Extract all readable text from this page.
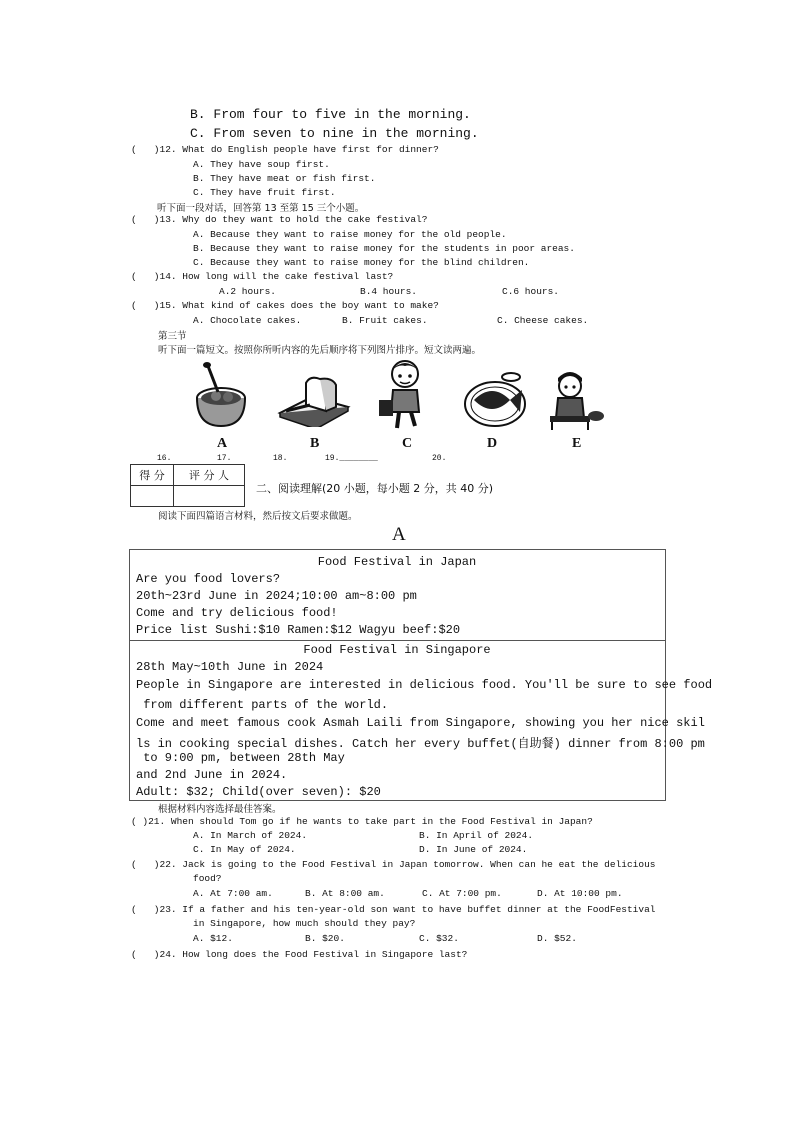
B. From four to five in the morning.
C. From seven to nine in the morning.
(   )12. What do English people have first for dinner?
A. They have soup first.
B. They have meat or fish first.
C. They have fruit first.
听下面一段对话，回答第 13 至第 15 三个小题。
(   )13. Why do they want to hold the cake festival?
A. Because they want to raise money for the old people.
B. Because they want to raise money for the students in poor areas.
C. Because they want to raise money for the blind children.
(   )14. How long will the cake festival last?
A.2 hours.	B.4 hours.	C.6 hours.
(   )15. What kind of cakes does the boy want to make?
A. Chocolate cakes.	B. Fruit cakes.	C. Cheese cakes.
第三节
听下面一篇短文。按照你所听内容的先后顺序将下列图片排序。短文读两遍。
A	B	C	D	E
16.	17.	18.	19.________	20.
得 分	评 分 人

二、阅读理解(20 小题，每小题 2 分，共 40 分)
阅读下面四篇语言材料，然后按文后要求做题。
A
Food Festival in Japan
Are you food lovers?
20th~23rd June in 2024;10:00 am~8:00 pm
Come and try delicious food!
Price list Sushi:$10 Ramen:$12 Wagyu beef:$20
Food Festival in Singapore
28th May~10th June in 2024
People in Singapore are interested in delicious food. You'll be sure to see food
from different parts of the world.
Come and meet famous cook Asmah Laili from Singapore, showing you her nice skil
ls in cooking special dishes. Catch her every buffet(自助餐) dinner from 8:00 pm
to 9:00 pm, between 28th May
and 2nd June in 2024.
Adult: $32; Child(over seven): $20
根据材料内容选择最佳答案。
( )21. When should Tom go if he wants to take part in the Food Festival in Japan?
A. In March of 2024.	B. In April of 2024.
C. In May of 2024.	D. In June of 2024.
(   )22. Jack is going to the Food Festival in Japan tomorrow. When can he eat the delicious
food?
A. At 7:00 am.	B. At 8:00 am.	C. At 7:00 pm.	D. At 10:00 pm.
(   )23. If a father and his ten-year-old son want to have buffet dinner at the FoodFestival
in Singapore, how much should they pay?
A. $12.	B. $20.	C. $32.	D. $52.
(   )24. How long does the Food Festival in Singapore last?
